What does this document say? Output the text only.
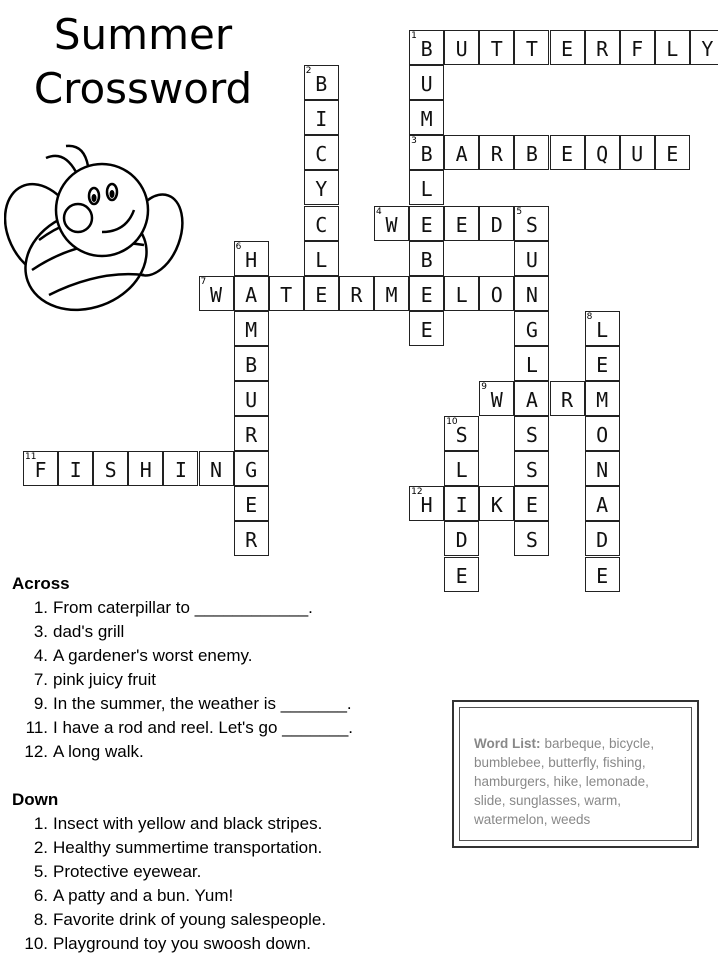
Summer
Crossword
1
B	U	T	T	E	R	F	L	Y
U
M
3
B
L
E
B
E
E
2
B
I
C
Y
C
L
E
A	R	B	E	Q	U	E
4
W	E	D
5
S
U
N
G
L
A
S
S
E
S
6
H
A
M
B
U
R
G
E
R
7
W	T	R	M	L	O
8
L
E
M
O
N
A
D
E
9
W	R
10
S
L
I
D
E
11
F	I	S	H	I	N
12
H	K
Across
1. From caterpillar to ____________.
3. dad's grill
4. A gardener's worst enemy.
7. pink juicy fruit
9. In the summer, the weather is _______.
11. I have a rod and reel. Let's go _______.
12. A long walk.
Down
1. Insect with yellow and black stripes.
2. Healthy summertime transportation.
5. Protective eyewear.
6. A patty and a bun. Yum!
8. Favorite drink of young salespeople.
10. Playground toy you swoosh down.
Word List: barbeque, bicycle, bumblebee, butterfly, fishing, hamburgers, hike, lemonade, slide, sunglasses, warm, watermelon, weeds
